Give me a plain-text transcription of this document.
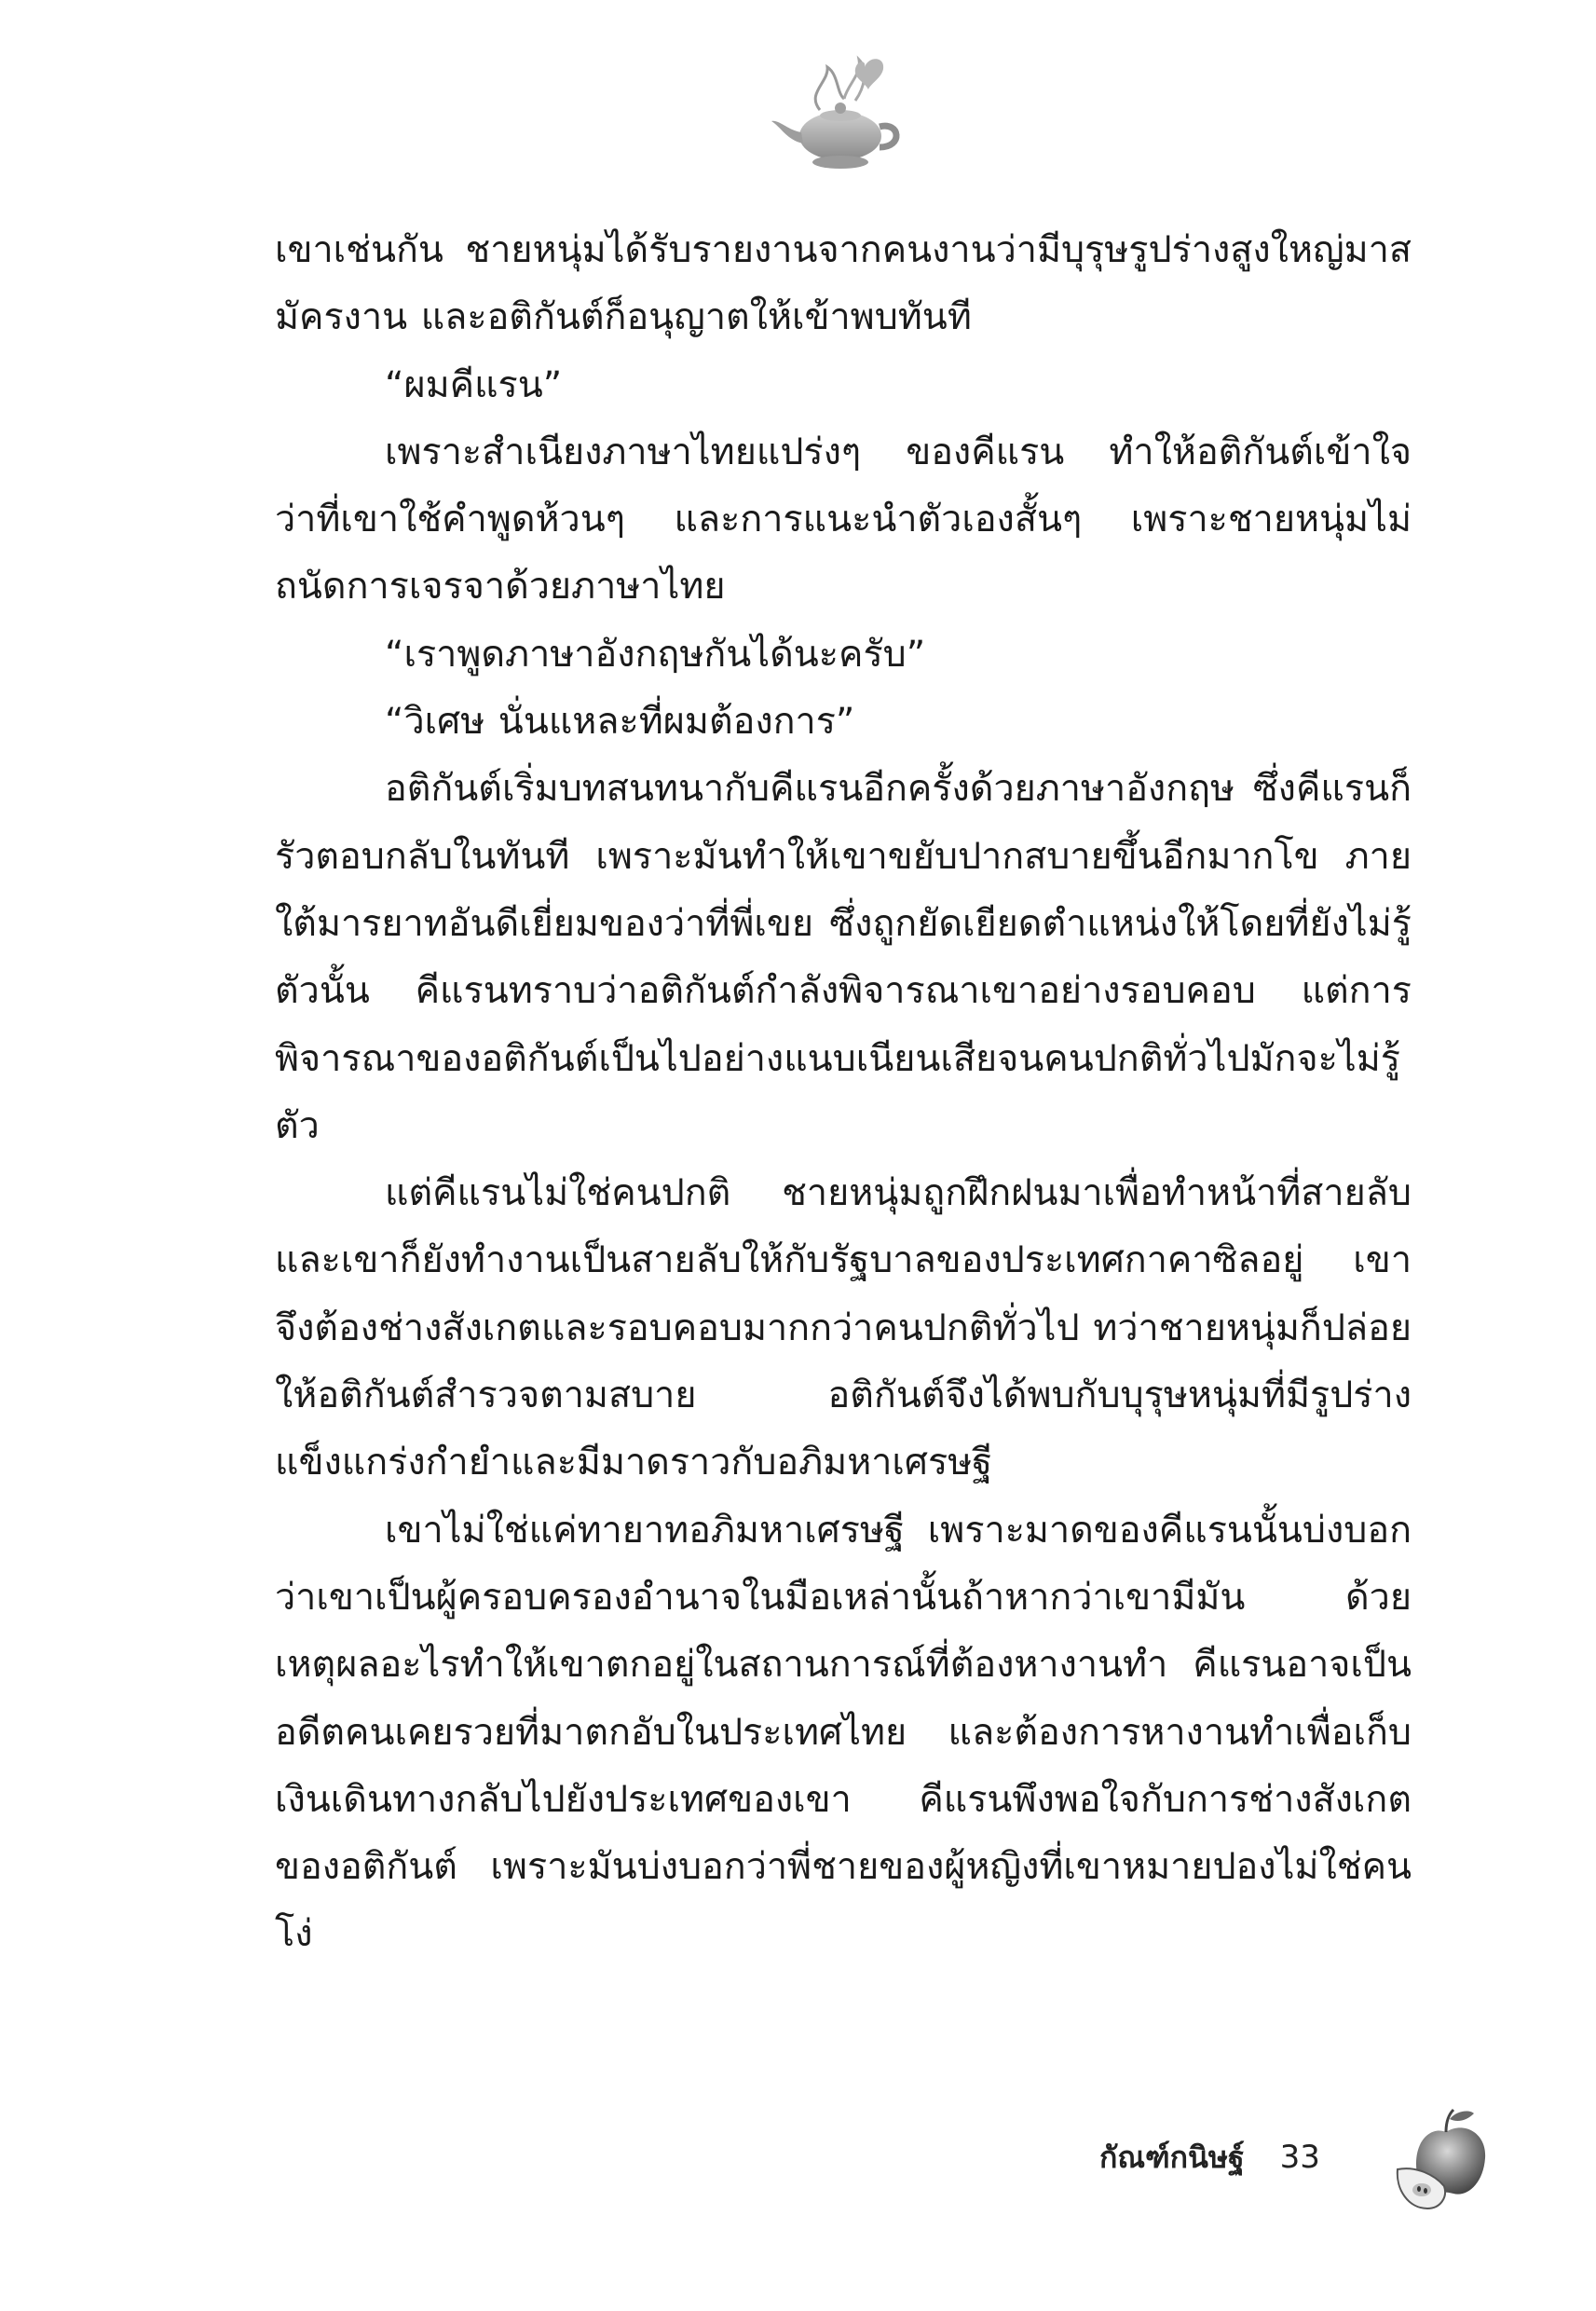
เขาเช่นกัน ชายหนุ่มได้รับรายงานจากคนงานว่ามีบุรุษรูปร่างสูงใหญ่มาสมัครงาน และอติกันต์ก็อนุญาตให้เข้าพบทันที

“ผมคีแรน”

เพราะสำเนียงภาษาไทยแปร่งๆ ของคีแรน ทำให้อติกันต์เข้าใจว่าที่เขาใช้คำพูดห้วนๆ และการแนะนำตัวเองสั้นๆ เพราะชายหนุ่มไม่ถนัดการเจรจาด้วยภาษาไทย

“เราพูดภาษาอังกฤษกันได้นะครับ”

“วิเศษ นั่นแหละที่ผมต้องการ”

อติกันต์เริ่มบทสนทนากับคีแรนอีกครั้งด้วยภาษาอังกฤษ ซึ่งคีแรนก็รัวตอบกลับในทันที เพราะมันทำให้เขาขยับปากสบายขึ้นอีกมากโข ภายใต้มารยาทอันดีเยี่ยมของว่าที่พี่เขย ซึ่งถูกยัดเยียดตำแหน่งให้โดยที่ยังไม่รู้ตัวนั้น คีแรนทราบว่าอติกันต์กำลังพิจารณาเขาอย่างรอบคอบ แต่การพิจารณาของอติกันต์เป็นไปอย่างแนบเนียนเสียจนคนปกติทั่วไปมักจะไม่รู้ตัว

แต่คีแรนไม่ใช่คนปกติ ชายหนุ่มถูกฝึกฝนมาเพื่อทำหน้าที่สายลับ และเขาก็ยังทำงานเป็นสายลับให้กับรัฐบาลของประเทศกาคาซิลอยู่ เขาจึงต้องช่างสังเกตและรอบคอบมากกว่าคนปกติทั่วไป ทว่าชายหนุ่มก็ปล่อยให้อติกันต์สำรวจตามสบาย อติกันต์จึงได้พบกับบุรุษหนุ่มที่มีรูปร่างแข็งแกร่งกำยำและมีมาดราวกับอภิมหาเศรษฐี

เขาไม่ใช่แค่ทายาทอภิมหาเศรษฐี เพราะมาดของคีแรนนั้นบ่งบอกว่าเขาเป็นผู้ครอบครองอำนาจในมือเหล่านั้นถ้าหากว่าเขามีมัน ด้วยเหตุผลอะไรทำให้เขาตกอยู่ในสถานการณ์ที่ต้องหางานทำ คีแรนอาจเป็นอดีตคนเคยรวยที่มาตกอับในประเทศไทย และต้องการหางานทำเพื่อเก็บเงินเดินทางกลับไปยังประเทศของเขา คีแรนพึงพอใจกับการช่างสังเกตของอติกันต์ เพราะมันบ่งบอกว่าพี่ชายของผู้หญิงที่เขาหมายปองไม่ใช่คนโง่

กัณฑ์กนิษฐ์ 33
